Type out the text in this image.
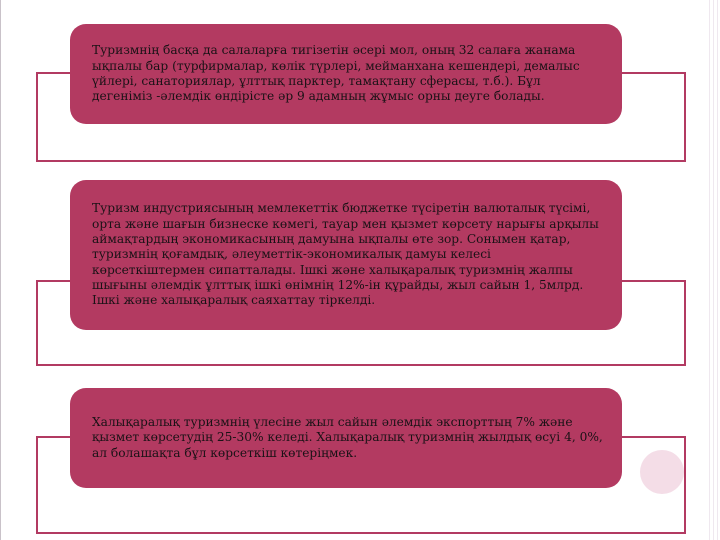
Туризмнің басқа да салаларға тигізетін әсері мол, оның 32 салаға жанама ықпалы бар (турфирмалар, көлік түрлері, мейманхана кешендері, демалыс үйлері, санаториялар, ұлттық парктер, тамақтану сферасы, т.б.). Бұл дегеніміз -әлемдік өндірісте әр 9 адамның жұмыс орны деуге болады.

Туризм индустриясының мемлекеттік бюджетке түсіретін валюталық түсімі, орта және шағын бизнеске көмегі, тауар мен қызмет көрсету нарығы арқылы аймақтардың экономикасының дамуына ықпалы өте зор. Сонымен қатар, туризмнің қоғамдық, әлеуметтік-экономикалық дамуы келесі көрсеткіштермен сипатталады. Ішкі және халықаралық туризмнің жалпы шығыны әлемдік ұлттық ішкі өнімнің 12%-ін құрайды, жыл сайын 1, 5млрд. Ішкі және халықаралық саяхаттау тіркелді.

Халықаралық туризмнің үлесіне жыл сайын әлемдік экспорттың 7% және қызмет көрсетудің 25-30% келеді. Халықаралық туризмнің жылдық өсуі 4, 0%, ал болашақта бұл көрсеткіш көтеріңмек.
